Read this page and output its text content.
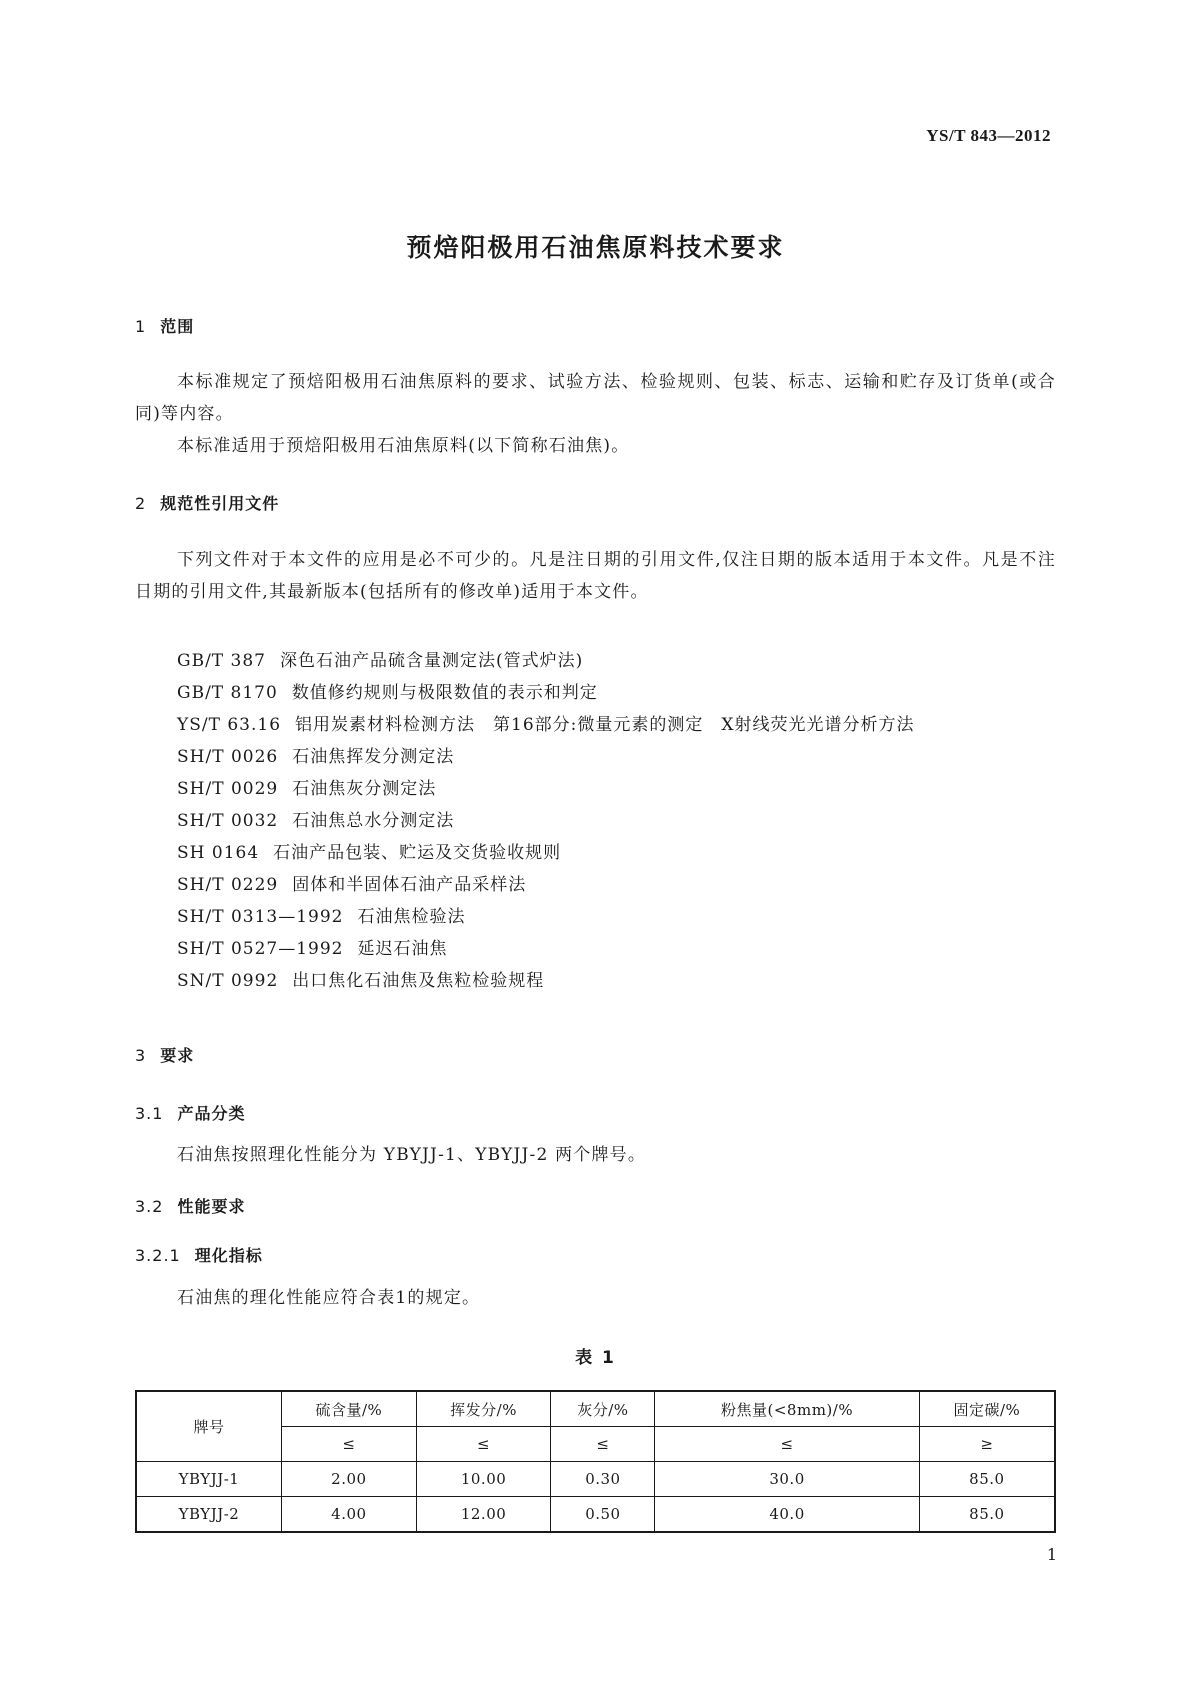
YS/T 843—2012
预焙阳极用石油焦原料技术要求
1 范围

本标准规定了预焙阳极用石油焦原料的要求、试验方法、检验规则、包装、标志、运输和贮存及订货单(或合同)等内容。

本标准适用于预焙阳极用石油焦原料(以下简称石油焦)。

2 规范性引用文件

下列文件对于本文件的应用是必不可少的。凡是注日期的引用文件,仅注日期的版本适用于本文件。凡是不注日期的引用文件,其最新版本(包括所有的修改单)适用于本文件。

GB/T 387 深色石油产品硫含量测定法(管式炉法)
GB/T 8170 数值修约规则与极限数值的表示和判定
YS/T 63.16 铝用炭素材料检测方法　第16部分:微量元素的测定　X射线荧光光谱分析方法
SH/T 0026 石油焦挥发分测定法
SH/T 0029 石油焦灰分测定法
SH/T 0032 石油焦总水分测定法
SH 0164 石油产品包装、贮运及交货验收规则
SH/T 0229 固体和半固体石油产品采样法
SH/T 0313—1992 石油焦检验法
SH/T 0527—1992 延迟石油焦
SN/T 0992 出口焦化石油焦及焦粒检验规程
3 要求
3.1 产品分类

石油焦按照理化性能分为 YBYJJ-1、YBYJJ-2 两个牌号。

3.2 性能要求
3.2.1 理化指标

石油焦的理化性能应符合表1的规定。

表 1
牌号	硫含量/%	挥发分/%	灰分/%	粉焦量(<8mm)/%	固定碳/%
	≤	≤	≤	≤	≥
YBYJJ-1	2.00	10.00	0.30	30.0	85.0
YBYJJ-2	4.00	12.00	0.50	40.0	85.0
1
